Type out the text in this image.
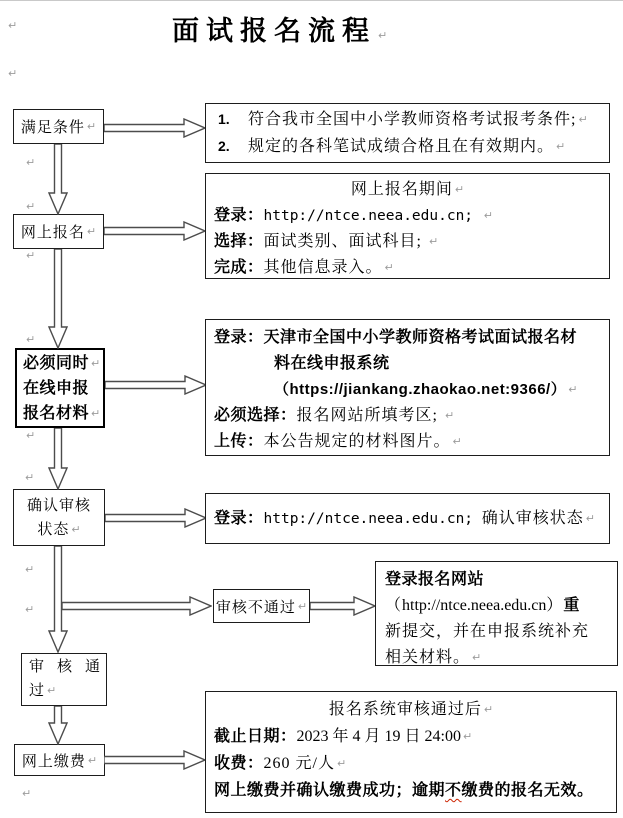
面试报名流程 ↵
↵
↵
↵
↵
↵
↵
↵
↵
↵
↵
↵
满足条件 ↵
网上报名 ↵
必须同时 ↵
在线申报
报名材料 ↵
确认审核
状态 ↵
审核不通过 ↵
审核通
过 ↵
网上缴费 ↵
1.	符合我市全国中小学教师资格考试报考条件; ↵
2.	规定的各科笔试成绩合格且在有效期内。 ↵
网上报名期间 ↵
登录：http://ntce.neea.edu.cn; ↵
选择：面试类别、面试科目; ↵
完成：其他信息录入。 ↵
登录：天津市全国中小学教师资格考试面试报名材
料在线申报系统
（https://jiankang.zhaokao.net:9366/） ↵
必须选择：报名网站所填考区; ↵
上传：本公告规定的材料图片。 ↵
登录：http://ntce.neea.edu.cn; 确认审核状态 ↵
登录报名网站
（http://ntce.neea.edu.cn）重
新提交，并在申报系统补充
相关材料。 ↵
报名系统审核通过后 ↵
截止日期：2023 年 4 月 19 日 24:00 ↵
收费：260 元/人 ↵
网上缴费并确认缴费成功；逾期不缴费的报名无效。
